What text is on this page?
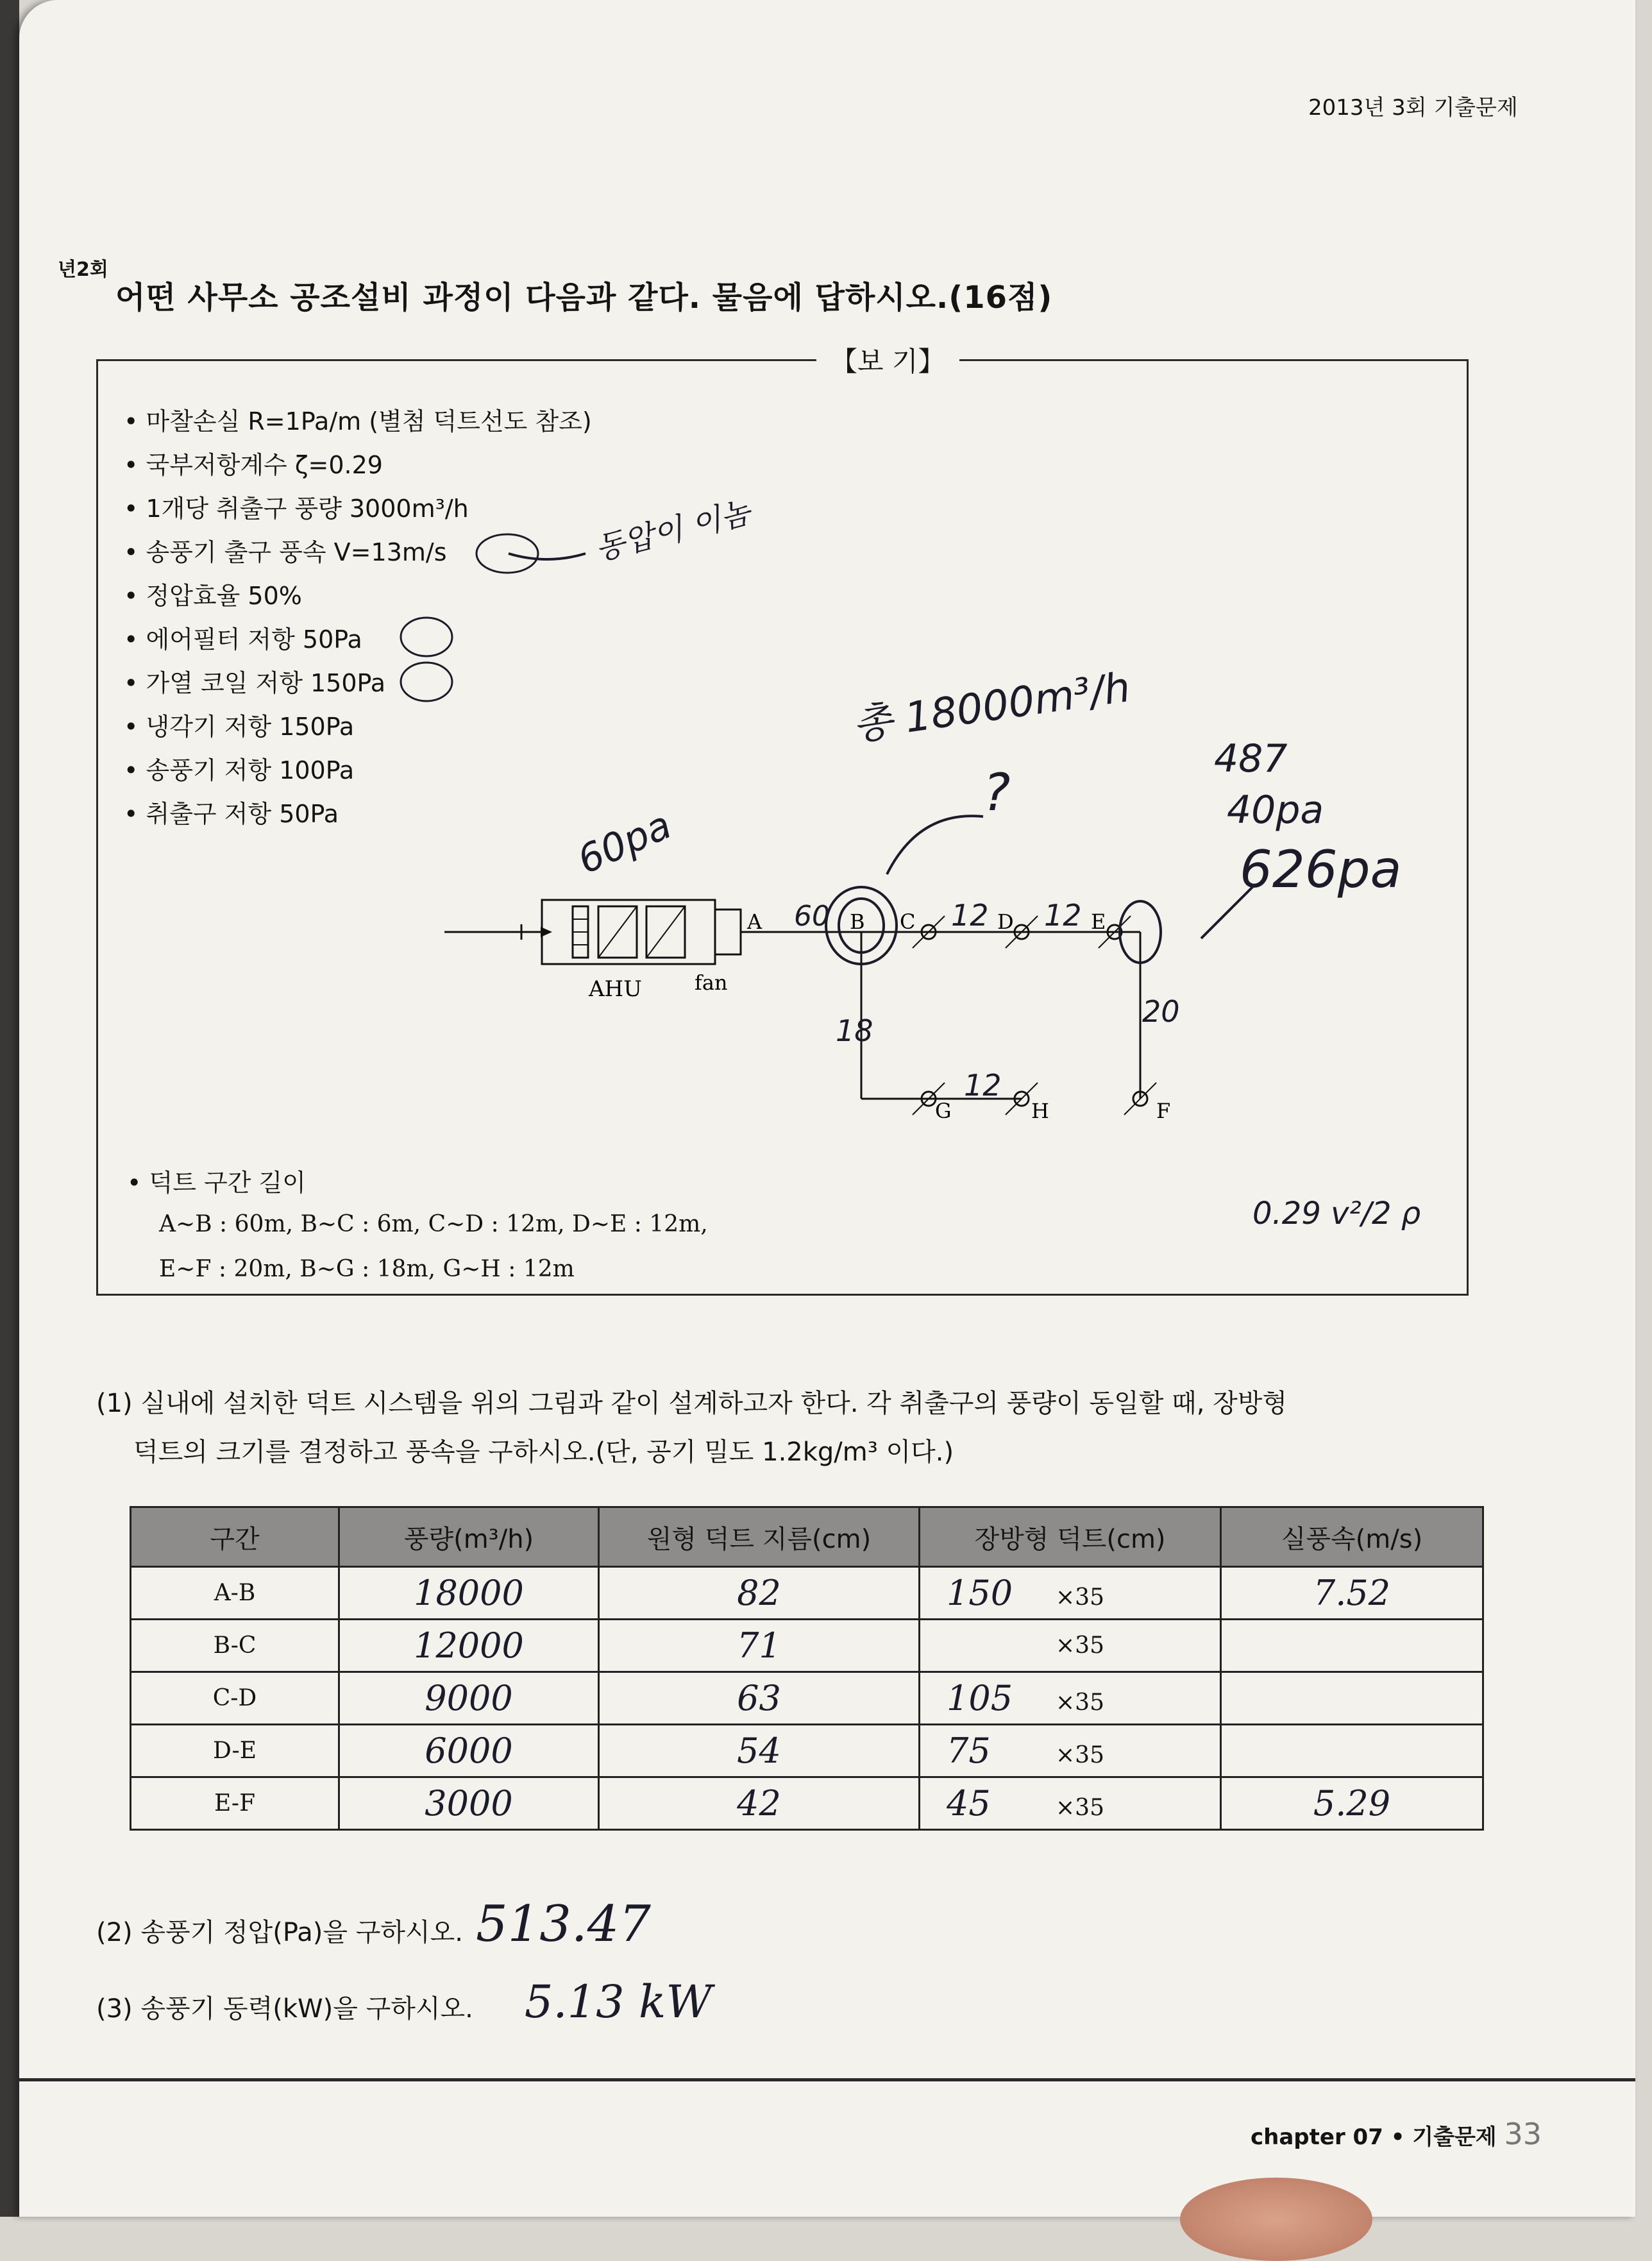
2013년 3회 기출문제
년2회
어떤 사무소 공조설비 과정이 다음과 같다. 물음에 답하시오.(16점)
【보 기】
• 마찰손실 R=1Pa/m (별첨 덕트선도 참조)
• 국부저항계수 ζ=0.29
• 1개당 취출구 풍량 3000m³/h
• 송풍기 출구 풍속 V=13m/s
• 정압효율 50%
• 에어필터 저항 50Pa
• 가열 코일 저항 150Pa
• 냉각기 저항 150Pa
• 송풍기 저항 100Pa
• 취출구 저항 50Pa
동압이 이놈
총 18000m³/h
?
60pa
487
40pa
626pa
AHU	fan
A	B C	D	E
F
G	H
60	12 12
18
12
20
0.29 v²/2 ρ
• 덕트 구간 길이
A~B : 60m, B~C : 6m, C~D : 12m, D~E : 12m,
E~F : 20m, B~G : 18m, G~H : 12m
(1) 실내에 설치한 덕트 시스템을 위의 그림과 같이 설계하고자 한다. 각 취출구의 풍량이 동일할 때, 장방형
덕트의 크기를 결정하고 풍속을 구하시오.(단, 공기 밀도 1.2kg/m³ 이다.)
구간	풍량(m³/h)	원형 덕트 지름(cm)	장방형 덕트(cm)	실풍속(m/s)
A-B	18000	82	150 ×35	7.52
B-C	12000	71	×35	
C-D	9000	63	105 ×35	
D-E	6000	54	75 ×35	
E-F	3000	42	45 ×35	5.29
(2) 송풍기 정압(Pa)을 구하시오. 513.47
(3) 송풍기 동력(kW)을 구하시오. 5.13 kW
chapter 07 • 기출문제 33
